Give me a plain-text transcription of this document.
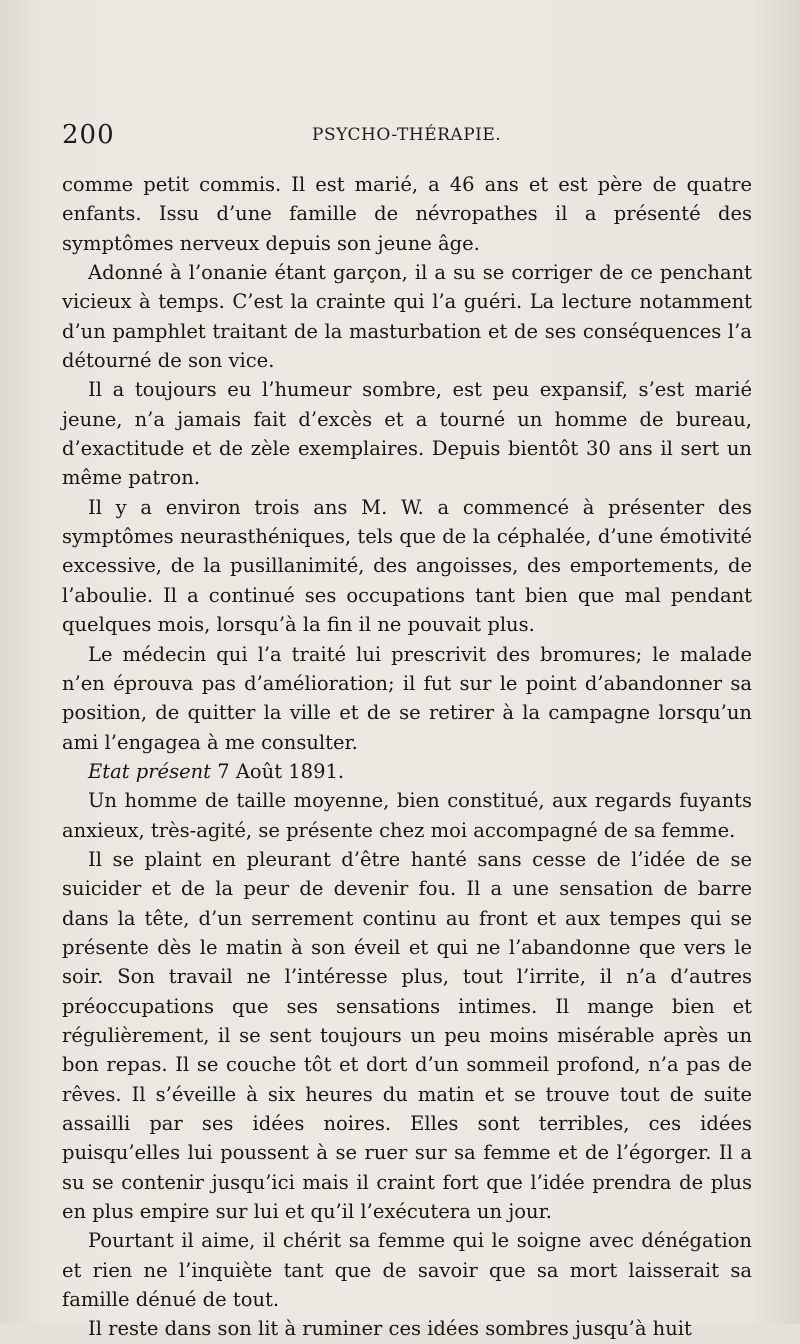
200	PSYCHO-THÉRAPIE.

comme petit commis. Il est marié, a 46 ans et est père de quatre enfants. Issu d’une famille de névropathes il a présenté des symptômes nerveux depuis son jeune âge.

Adonné à l’onanie étant garçon, il a su se corriger de ce penchant vicieux à temps. C’est la crainte qui l’a guéri. La lecture notamment d’un pamphlet traitant de la masturbation et de ses conséquences l’a détourné de son vice.

Il a toujours eu l’humeur sombre, est peu expansif, s’est marié jeune, n’a jamais fait d’excès et a tourné un homme de bureau, d’exactitude et de zèle exemplaires. Depuis bientôt 30 ans il sert un même patron.

Il y a environ trois ans M. W. a commencé à présenter des symptômes neurasthéniques, tels que de la céphalée, d’une émotivité excessive, de la pusillanimité, des angoisses, des emportements, de l’aboulie. Il a continué ses occupations tant bien que mal pendant quelques mois, lorsqu’à la fin il ne pouvait plus.

Le médecin qui l’a traité lui prescrivit des bromures; le malade n’en éprouva pas d’amélioration; il fut sur le point d’abandonner sa position, de quitter la ville et de se retirer à la campagne lorsqu’un ami l’engagea à me consulter.

Etat présent 7 Août 1891.

Un homme de taille moyenne, bien constitué, aux regards fuyants anxieux, très-agité, se présente chez moi accompagné de sa femme.

Il se plaint en pleurant d’être hanté sans cesse de l’idée de se suicider et de la peur de devenir fou. Il a une sensation de barre dans la tête, d’un serrement continu au front et aux tempes qui se présente dès le matin à son éveil et qui ne l’abandonne que vers le soir. Son travail ne l’intéresse plus, tout l’irrite, il n’a d’autres préoccupations que ses sensations intimes. Il mange bien et régulièrement, il se sent toujours un peu moins misérable après un bon repas. Il se couche tôt et dort d’un sommeil profond, n’a pas de rêves. Il s’éveille à six heures du matin et se trouve tout de suite assailli par ses idées noires. Elles sont terribles, ces idées puisqu’elles lui poussent à se ruer sur sa femme et de l’égorger. Il a su se contenir jusqu’ici mais il craint fort que l’idée prendra de plus en plus empire sur lui et qu’il l’exécutera un jour.

Pourtant il aime, il chérit sa femme qui le soigne avec dénégation et rien ne l’inquiète tant que de savoir que sa mort laisserait sa famille dénué de tout.

Il reste dans son lit à ruminer ces idées sombres jusqu’à huit
